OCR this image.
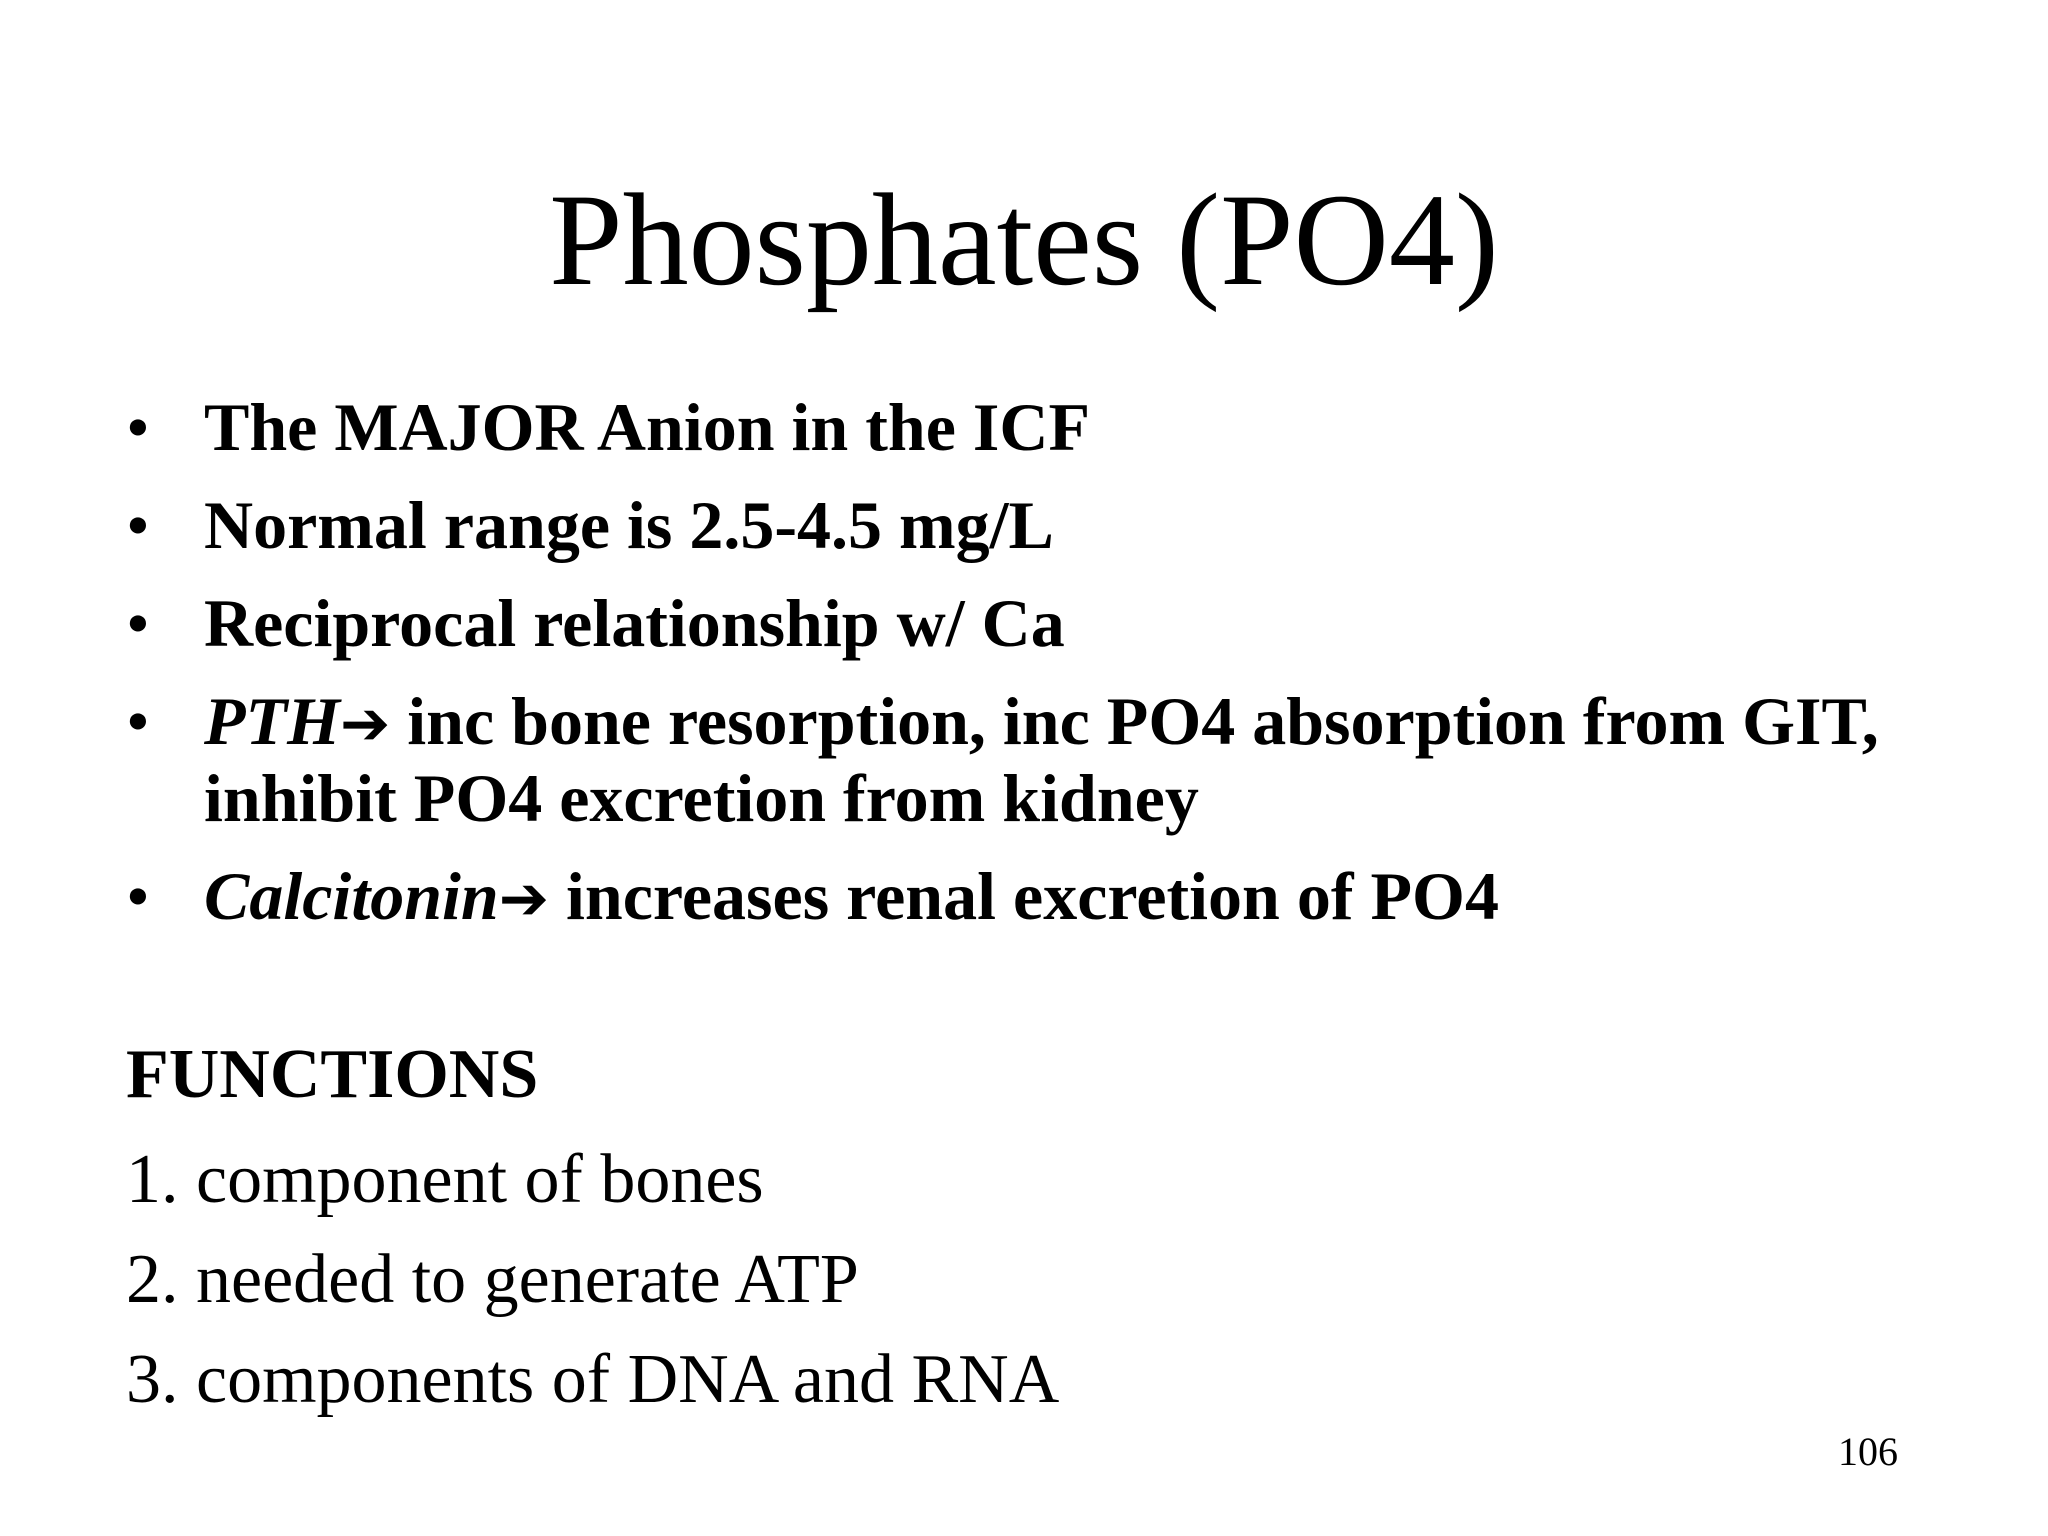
Phosphates (PO4)
• The MAJOR Anion in the ICF
• Normal range is 2.5-4.5 mg/L
• Reciprocal relationship w/ Ca
• PTH➔ inc bone resorption, inc PO4 absorption from GIT, inhibit PO4 excretion from kidney
• Calcitonin➔ increases renal excretion of PO4
FUNCTIONS
1. component of bones
2. needed to generate ATP
3. components of DNA and RNA
106
